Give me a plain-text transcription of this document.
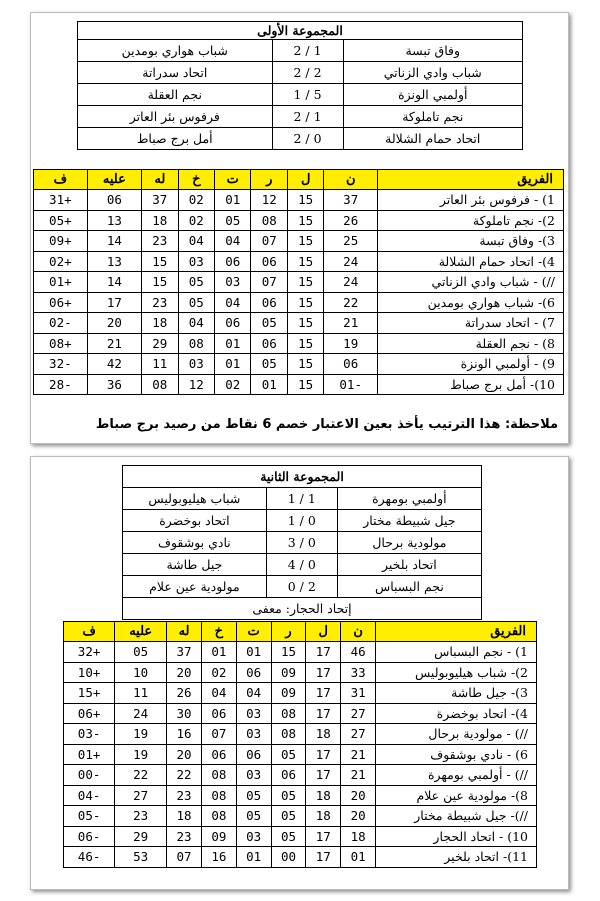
المجموعة الأولى		
وفاق تبسة	1 / 2	شباب هواري بومدين
شباب وادي الزناتي	2 / 2	اتحاد سدراتة
أولمبي الونزة	5 / 1	نجم العقلة
نجم تاملوكة	1 / 2	فرفوس بئر العاتر
اتحاد حمام الشلالة	0 / 2	أمل برج صباط
الفريق	ن	ل	ر	ت	خ	له	عليه	ف
1) - فرفوس بئر العاتر	37	15	12	01	02	37	06	+31
2)- نجم تاملوكة	26	15	08	05	02	18	13	+05
3)- وفاق تبسة	25	15	07	04	04	23	14	+09
4)- اتحاد حمام الشلالة	24	15	06	06	03	15	13	+02
//) - شباب وادي الزناتي	24	15	07	03	05	15	14	+01
6)- شباب هواري بومدين	22	15	06	04	05	23	17	+06
7) - اتحاد سدراتة	21	15	05	06	04	18	20	-02
8) - نجم العقلة	19	15	06	01	08	29	21	+08
9) - أولمبي الونزة	06	15	05	01	03	11	42	-32
10)- أمل برج صباط	-01	15	01	02	12	08	36	-28
ملاحظة: هذا الترتيب يأخذ بعين الاعتبار خصم 6 نقاط من رصيد برج صباط
المجموعة الثانية		
أولمبي بومهرة	1 / 1	شباب هيليوبوليس
جيل شبيطة مختار	0 / 1	اتحاد بوخضرة
مولودية برحال	0 / 3	نادي بوشقوف
اتحاد بلخير	0 / 4	جيل طاشة
نجم البسباس	2 / 0	مولودية عين علام
إتحاد الحجار: معفى		
الفريق	ن	ل	ر	ت	خ	له	عليه	ف
1) - نجم البسباس	46	17	15	01	01	37	05	+32
2)- شباب هيليوبوليس	33	17	09	06	02	20	10	+10
3)- جيل طاشة	31	17	09	04	04	26	11	+15
4)- اتحاد بوخضرة	27	17	08	03	06	30	24	+06
//) - مولودية برحال	27	18	08	03	07	16	19	-03
6) - نادي بوشقوف	21	17	05	06	06	20	19	+01
//) - أولمبي بومهرة	21	17	06	03	08	22	22	-00
8)- مولودية عين علام	20	18	05	05	08	23	27	-04
//)- جيل شبيطة مختار	20	18	05	05	08	18	23	-05
10) - اتحاد الحجار	18	17	05	03	09	23	29	-06
11)- اتحاد بلخير	01	17	00	01	16	07	53	-46
